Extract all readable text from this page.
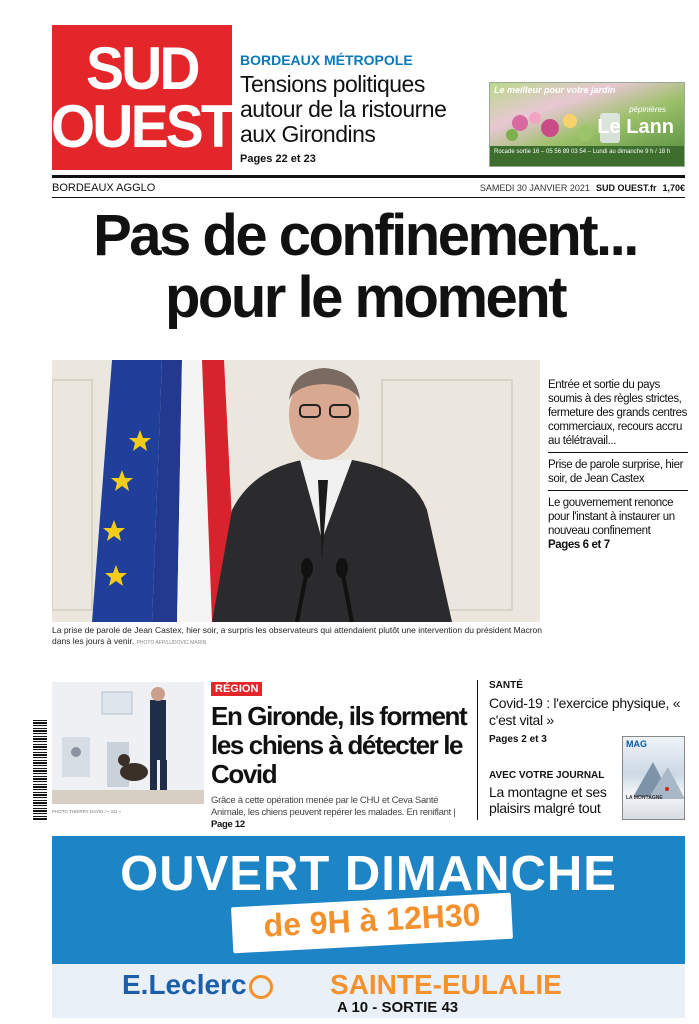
SUD
OUEST
BORDEAUX MÉTROPOLE
Tensions politiques autour de la ristourne aux Girondins
Pages 22 et 23
Le meilleur pour votre jardin
pépinières
Le Lann
Rocade sortie 16 – 05 56 89 03 54 – Lundi au dimanche 9 h / 18 h
BORDEAUX AGGLO	SAMEDI 30 JANVIER 2021 SUD OUEST.fr 1,70€
Pas de confinement...
pour le moment
La prise de parole de Jean Castex, hier soir, a surpris les observateurs qui attendaient plutôt une intervention du président Macron dans les jours à venir. PHOTO AFP/LUDOVIC MARIN

Entrée et sortie du pays soumis à des règles strictes, fermeture des grands centres commerciaux, recours accru au télétravail...

Prise de parole surprise, hier soir, de Jean Castex

Le gouvernement renonce pour l'instant à instaurer un nouveau confinement
Pages 6 et 7

PHOTO THIERRY DAVID / « SO »
RÉGION
En Gironde, ils forment les chiens à détecter le Covid
Grâce à cette opération menée par le CHU et Ceva Santé Animale, les chiens peuvent repérer les malades. En reniflant | Page 12
SANTÉ
Covid-19 : l'exercice physique, « c'est vital »
Pages 2 et 3
AVEC VOTRE JOURNAL
La montagne et ses plaisirs malgré tout
MAG
LA MONTAGNE
OUVERT DIMANCHE
de 9H à 12H30
E.Leclerc	SAINTE-EULALIE
A 10 - SORTIE 43
